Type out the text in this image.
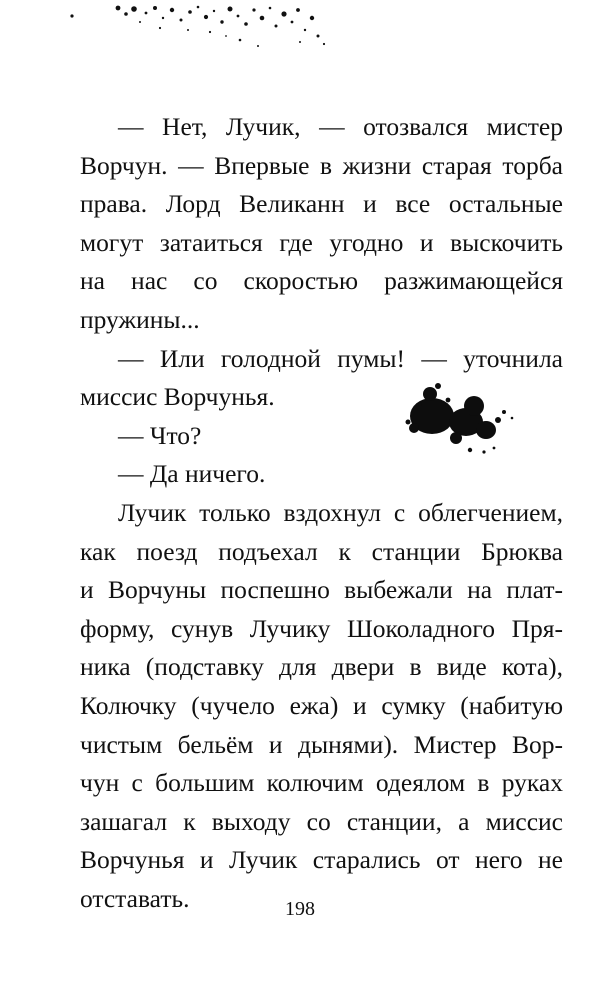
— Нет, Лучик, — отозвался мистер
Ворчун. — Впервые в жизни старая торба
права. Лорд Великанн и все остальные
могут затаиться где угодно и выскочить
на нас со скоростью разжимающейся
пружины...
— Или голодной пумы! — уточнила
миссис Ворчунья.
— Что?
— Да ничего.
Лучик только вздохнул с облегчением,
как поезд подъехал к станции Брюква
и Ворчуны поспешно выбежали на плат-
форму, сунув Лучику Шоколадного Пря-
ника (подставку для двери в виде кота),
Колючку (чучело ежа) и сумку (набитую
чистым бельём и дынями). Мистер Вор-
чун с большим колючим одеялом в руках
зашагал к выходу со станции, а миссис
Ворчунья и Лучик старались от него не
отставать.	198
